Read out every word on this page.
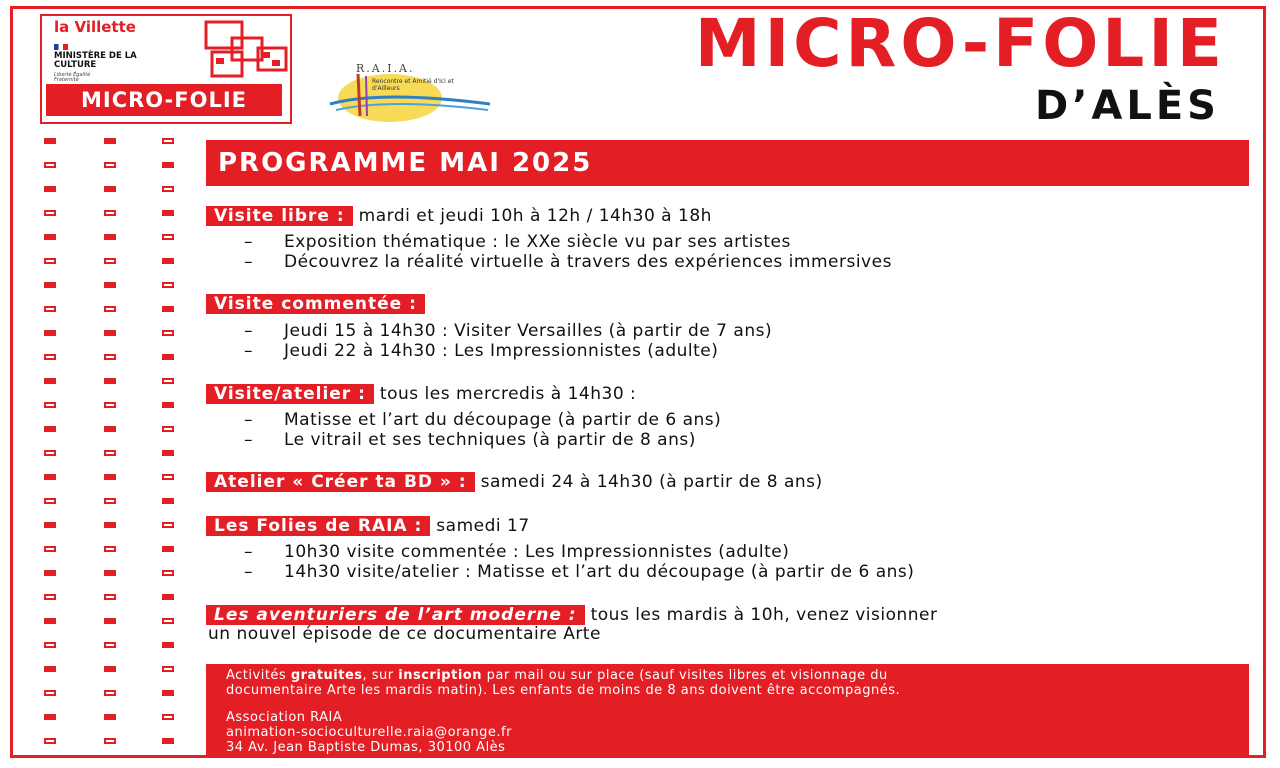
la Villette
MINISTÈRE DE LA CULTURE
Liberté Égalité Fraternité
MICRO-FOLIE
R.A.I.A.
Rencontre et Amitié d'Ici et d'Ailleurs
MICRO-FOLIE
D’ALÈS
PROGRAMME MAI 2025
Visite libre : mardi et jeudi 10h à 12h / 14h30 à 18h
– Exposition thématique : le XXe siècle vu par ses artistes
– Découvrez la réalité virtuelle à travers des expériences immersives
Visite commentée :
– Jeudi 15 à 14h30 : Visiter Versailles (à partir de 7 ans)
– Jeudi 22 à 14h30 : Les Impressionnistes (adulte)
Visite/atelier : tous les mercredis à 14h30 :
– Matisse et l’art du découpage (à partir de 6 ans)
– Le vitrail et ses techniques (à partir de 8 ans)
Atelier « Créer ta BD » : samedi 24 à 14h30 (à partir de 8 ans)
Les Folies de RAIA : samedi 17
– 10h30 visite commentée : Les Impressionnistes (adulte)
– 14h30 visite/atelier : Matisse et l’art du découpage (à partir de 6 ans)
Les aventuriers de l’art moderne : tous les mardis à 10h, venez visionner
un nouvel épisode de ce documentaire Arte

Activités gratuites, sur inscription par mail ou sur place (sauf visites libres et visionnage du

documentaire Arte les mardis matin). Les enfants de moins de 8 ans doivent être accompagnés.

Association RAIA

animation-socioculturelle.raia@orange.fr

34 Av. Jean Baptiste Dumas, 30100 Alès
